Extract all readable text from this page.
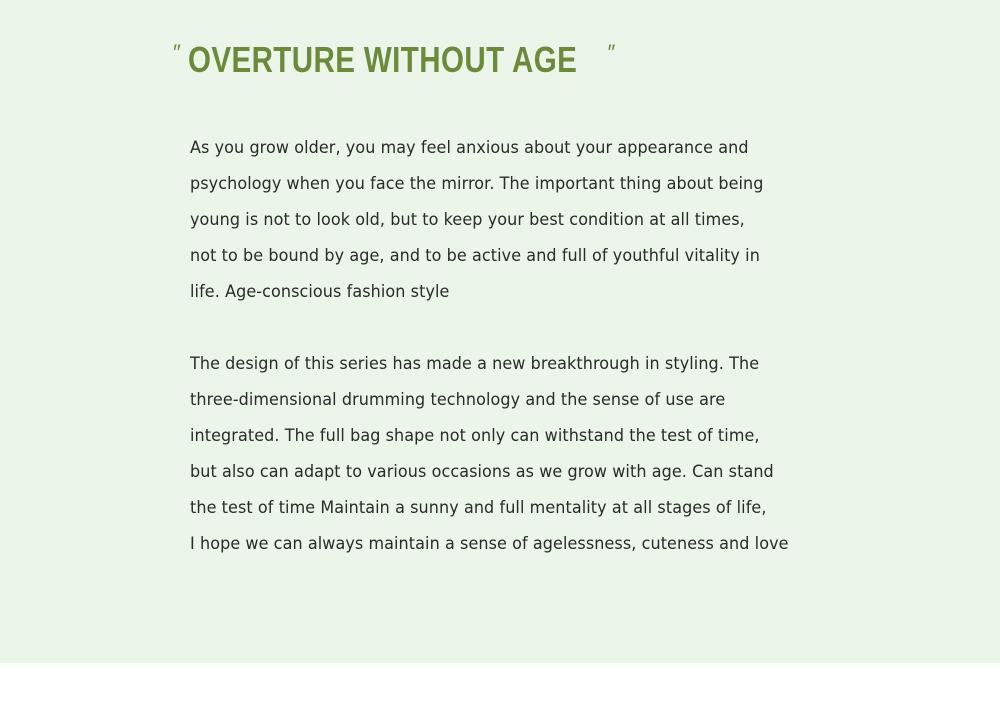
″ OVERTURE WITHOUT AGE ″

As you grow older, you may feel anxious about your appearance and
psychology when you face the mirror. The important thing about being
young is not to look old, but to keep your best condition at all times,
not to be bound by age, and to be active and full of youthful vitality in
life. Age-conscious fashion style

The design of this series has made a new breakthrough in styling. The
three-dimensional drumming technology and the sense of use are
integrated. The full bag shape not only can withstand the test of time,
but also can adapt to various occasions as we grow with age. Can stand
the test of time Maintain a sunny and full mentality at all stages of life,
I hope we can always maintain a sense of agelessness, cuteness and love
